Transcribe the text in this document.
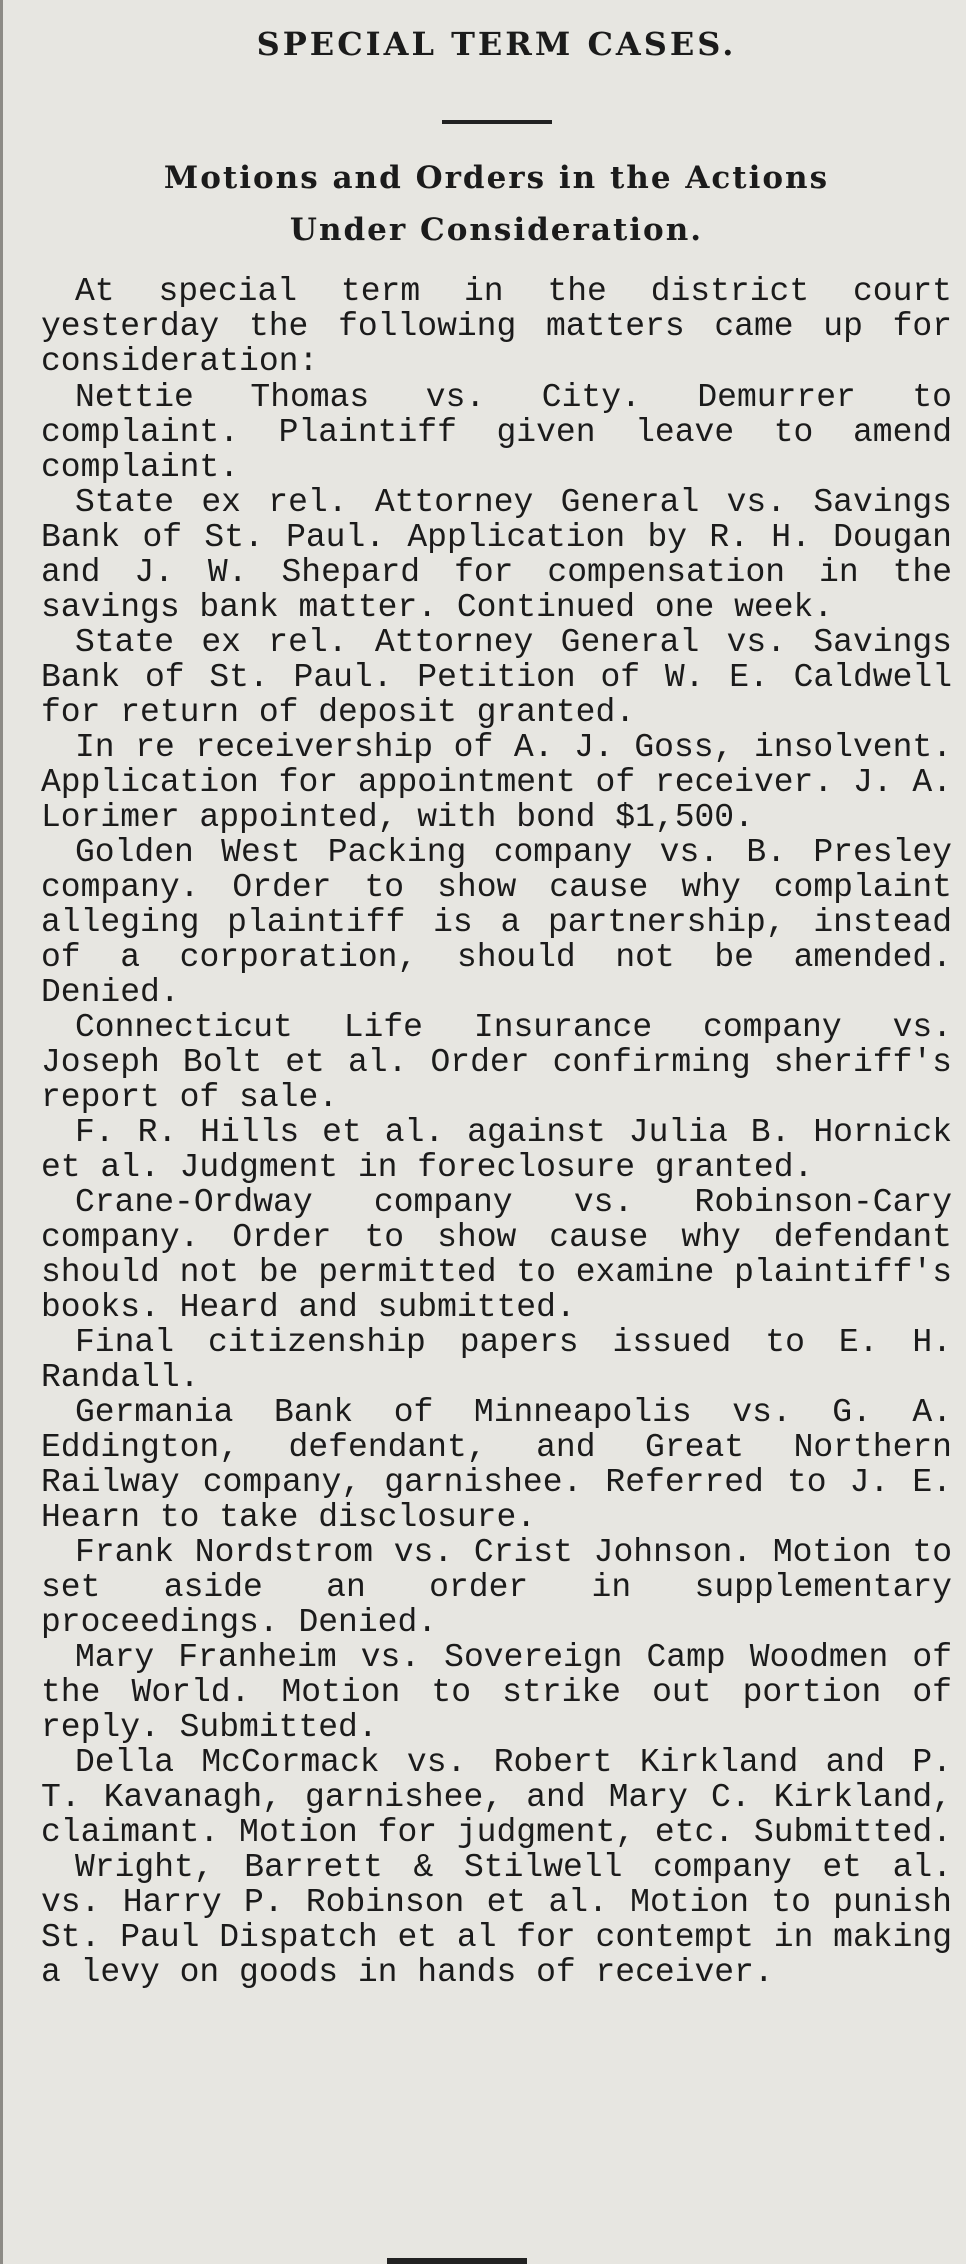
SPECIAL TERM CASES.
Motions and Orders in the Actions
Under Consideration.

At special term in the district court yesterday the following matters came up for consideration:

Nettie Thomas vs. City. Demurrer to complaint. Plaintiff given leave to amend complaint.

State ex rel. Attorney General vs. Savings Bank of St. Paul. Application by R. H. Dougan and J. W. Shepard for compensation in the savings bank matter. Continued one week.

State ex rel. Attorney General vs. Savings Bank of St. Paul. Petition of W. E. Caldwell for return of deposit granted.

In re receivership of A. J. Goss, insolvent. Application for appointment of receiver. J. A. Lorimer appointed, with bond $1,500.

Golden West Packing company vs. B. Presley company. Order to show cause why complaint alleging plaintiff is a partnership, instead of a corporation, should not be amended. Denied.

Connecticut Life Insurance company vs. Joseph Bolt et al. Order confirming sheriff's report of sale.

F. R. Hills et al. against Julia B. Hornick et al. Judgment in foreclosure granted.

Crane-Ordway company vs. Robinson-Cary company. Order to show cause why defendant should not be permitted to examine plaintiff's books. Heard and submitted.

Final citizenship papers issued to E. H. Randall.

Germania Bank of Minneapolis vs. G. A. Eddington, defendant, and Great Northern Railway company, garnishee. Referred to J. E. Hearn to take disclosure.

Frank Nordstrom vs. Crist Johnson. Motion to set aside an order in supplementary proceedings. Denied.

Mary Franheim vs. Sovereign Camp Woodmen of the World. Motion to strike out portion of reply. Submitted.

Della McCormack vs. Robert Kirkland and P. T. Kavanagh, garnishee, and Mary C. Kirkland, claimant. Motion for judgment, etc. Submitted.

Wright, Barrett & Stilwell company et al. vs. Harry P. Robinson et al. Motion to punish St. Paul Dispatch et al for contempt in making a levy on goods in hands of receiver.
